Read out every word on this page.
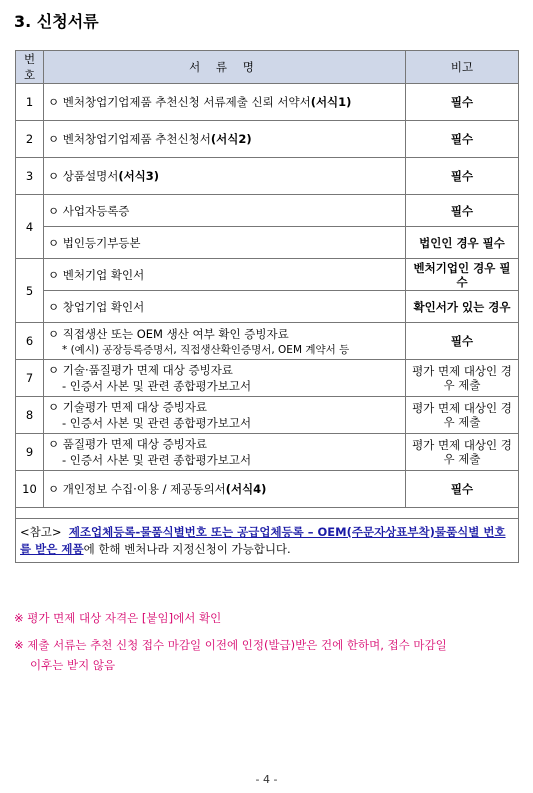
3. 신청서류
번호	서 류 명	비고
1	ㅇ 벤처창업기업제품 추천신청 서류제출 신뢰 서약서(서식1)	필수
2	ㅇ 벤처창업기업제품 추천신청서(서식2)	필수
3	ㅇ 상품설명서(서식3)	필수
4	ㅇ 사업자등록증	필수
	ㅇ 법인등기부등본	법인인 경우 필수
5	ㅇ 벤처기업 확인서	벤처기업인 경우 필수
	ㅇ 창업기업 확인서	확인서가 있는 경우
6	ㅇ 직접생산 또는 OEM 생산 여부 확인 증빙자료
* (예시) 공장등록증명서, 직접생산확인증명서, OEM 계약서 등	필수
7	ㅇ 기술·품질평가 면제 대상 증빙자료
- 인증서 사본 및 관련 종합평가보고서	평가 면제 대상인 경우 제출
8	ㅇ 기술평가 면제 대상 증빙자료
- 인증서 사본 및 관련 종합평가보고서	평가 면제 대상인 경우 제출
9	ㅇ 품질평가 면제 대상 증빙자료
- 인증서 사본 및 관련 종합평가보고서	평가 면제 대상인 경우 제출
10	ㅇ 개인정보 수집·이용 / 제공동의서(서식4)	필수

<참고> 제조업체등록-물품식별번호 또는 공급업체등록 – OEM(주문자상표부착)물품식별 번호를 받은 제품에 한해 벤처나라 지정신청이 가능합니다.		
※ 평가 면제 대상 자격은 [붙임]에서 확인
※ 제출 서류는 추천 신청 접수 마감일 이전에 인정(발급)받은 건에 한하며, 접수 마감일
이후는 받지 않음
- 4 -
